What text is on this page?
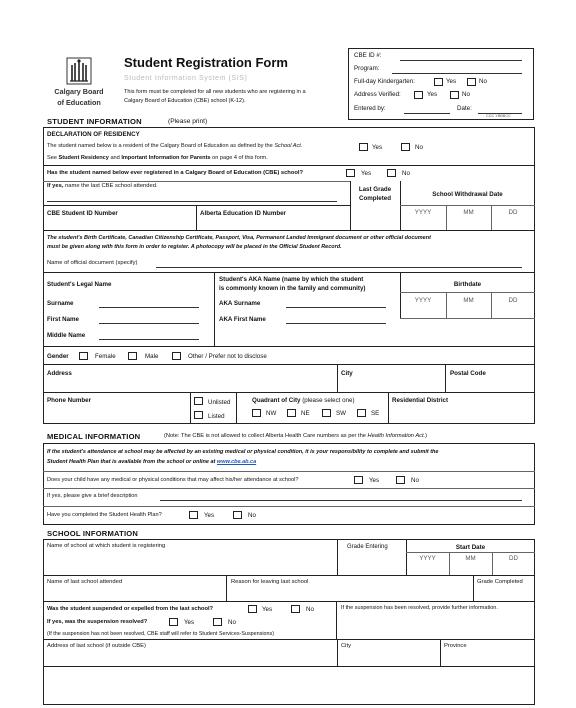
Calgary Board
of Education
Student Registration Form
Student Information System (SIS)
This form must be completed for all new students who are registering in a
Calgary Board of Education (CBE) school (K-12).
CBE ID #:
Program:
Full-day Kindergarten:	Yes	No
Address Verified:	Yes	No
Entered by:	Date:
CCC YBBBCC
STUDENT INFORMATION	(Please print)
DECLARATION OF RESIDENCY
The student named below is a resident of the Calgary Board of Education as defined by the School Act.	Yes	No
See Student Residency and Important Information for Parents on page 4 of this form.
Has the student named below ever registered in a Calgary Board of Education (CBE) school?	Yes	No
If yes, name the last CBE school attended.	Last Grade
Completed
School Withdrawal Date
YYYY	MM	DD
CBE Student ID Number	Alberta Education ID Number
The student's Birth Certificate, Canadian Citizenship Certificate, Passport, Visa, Permanent Landed Immigrant document or other official document
must be given along with this form in order to register. A photocopy will be placed in the Official Student Record.
Name of official document (specify)
Student's Legal Name
Student's AKA Name (name by which the student
is commonly known in the family and community)
Birthdate
YYYY	MM	DD
Surname
First Name
Middle Name
AKA Surname
AKA First Name
Gender	Female	Male	Other / Prefer not to disclose
Address	City	Postal Code
Phone Number	Unlisted
Listed
Quadrant of City (please select one)
NW	NE	SW	SE
Residential District
MEDICAL INFORMATION	(Note: The CBE is not allowed to collect Alberta Health Care numbers as per the Health Information Act.)
If the student's attendance at school may be affected by an existing medical or physical condition, it is your responsibility to complete and submit the
Student Health Plan that is available from the school or online at www.cbe.ab.ca
Does your child have any medical or physical conditions that may affect his/her attendance at school?	Yes	No
If yes, please give a brief description
Have you completed the Student Health Plan?	Yes	No
SCHOOL INFORMATION
Name of school at which student is registering	Grade Entering	Start Date
YYYY	MM	DD
Name of last school attended	Reason for leaving last school	Grade Completed
Was the student suspended or expelled from the last school?	Yes	No	If the suspension has been resolved, provide further information.
If yes, was the suspension resolved?	Yes	No
(If the suspension has not been resolved, CBE staff will refer to Student Services-Suspensions)
Address of last school (if outside CBE)	City	Province
